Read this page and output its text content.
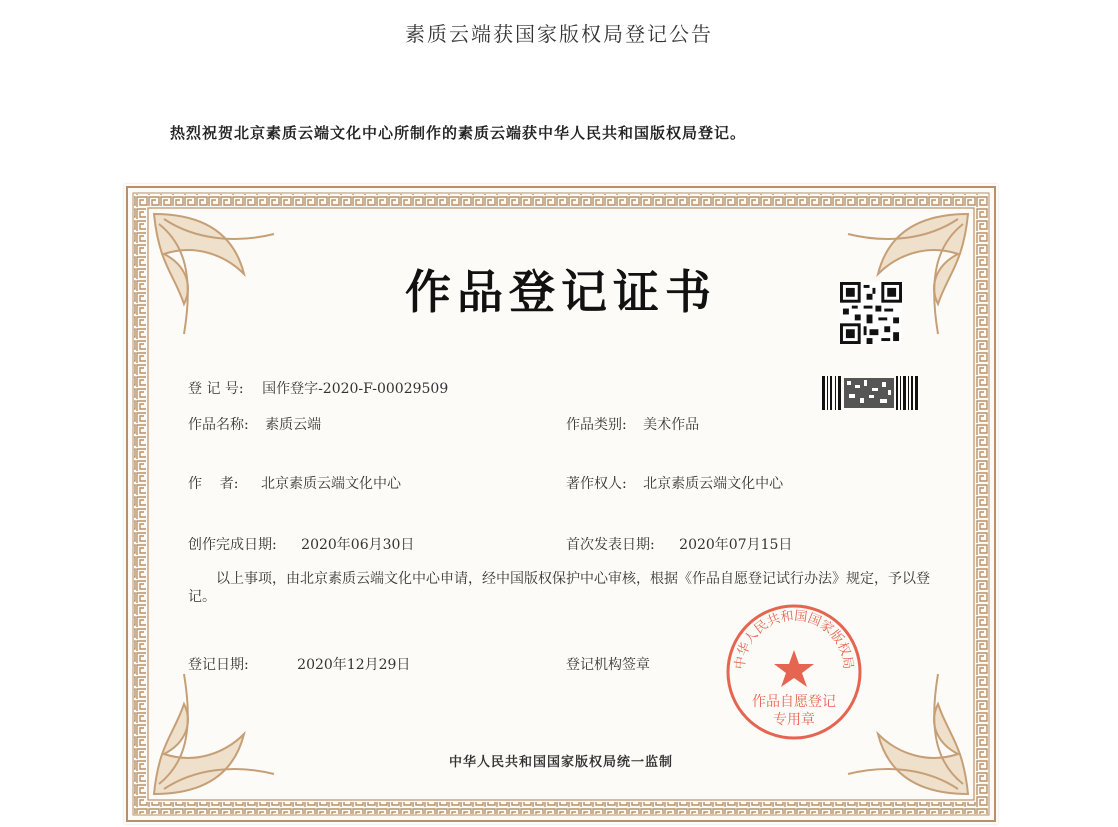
素质云端获国家版权局登记公告
热烈祝贺北京素质云端文化中心所制作的素质云端获中华人民共和国版权局登记。
作品登记证书
登 记 号: 国作登字-2020-F-00029509
作品名称: 素质云端	作品类别: 美术作品
作    者: 北京素质云端文化中心	著作权人: 北京素质云端文化中心
创作完成日期: 2020年06月30日	首次发表日期: 2020年07月15日
以上事项，由北京素质云端文化中心申请，经中国版权保护中心审核，根据《作品自愿登记试行办法》规定，予以登记。
登记日期:	2020年12月29日	登记机构签章	中华人民共和国国家版权局
作品自愿登记
专用章
中华人民共和国国家版权局统一监制
